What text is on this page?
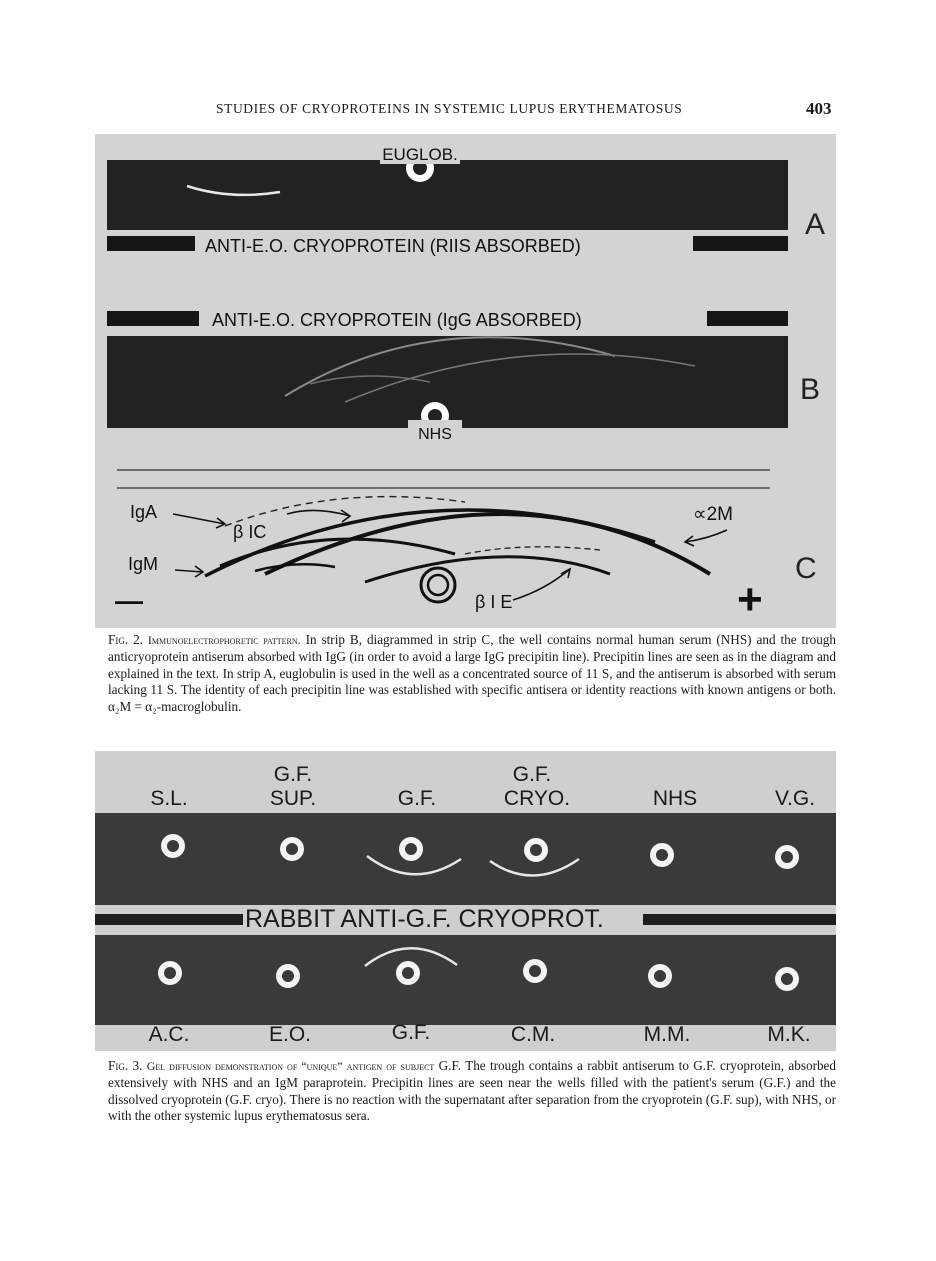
STUDIES OF CRYOPROTEINS IN SYSTEMIC LUPUS ERYTHEMATOSUS	403
EUGLOB.
ANTI-E.O. CRYOPROTEIN (RIIS ABSORBED)
A
ANTI-E.O. CRYOPROTEIN (IgG ABSORBED)
NHS
B
IgA
β IC
IgM
∝2M
β I E
C
—	+

Fig. 2. Immunoelectrophoretic pattern. In strip B, diagrammed in strip C, the well contains normal human serum (NHS) and the trough anticryoprotein antiserum absorbed with IgG (in order to avoid a large IgG precipitin line). Precipitin lines are seen as in the diagram and explained in the text. In strip A, euglobulin is used in the well as a concentrated source of 11 S, and the antiserum is absorbed with serum lacking 11 S. The identity of each precipitin line was established with specific antisera or identity reactions with known antigens or both. α₂M = α₂-macroglobulin.

S.L.
G.F.
SUP.	G.F.
G.F.
CRYO.	NHS	V.G.
RABBIT ANTI-G.F. CRYOPROT.
A.C.	E.O.	G.F.	C.M.	M.M.	M.K.

Fig. 3. Gel diffusion demonstration of “unique” antigen of subject G.F. The trough contains a rabbit antiserum to G.F. cryoprotein, absorbed extensively with NHS and an IgM paraprotein. Precipitin lines are seen near the wells filled with the patient's serum (G.F.) and the dissolved cryoprotein (G.F. cryo). There is no reaction with the supernatant after separation from the cryoprotein (G.F. sup), with NHS, or with the other systemic lupus erythematosus sera.
